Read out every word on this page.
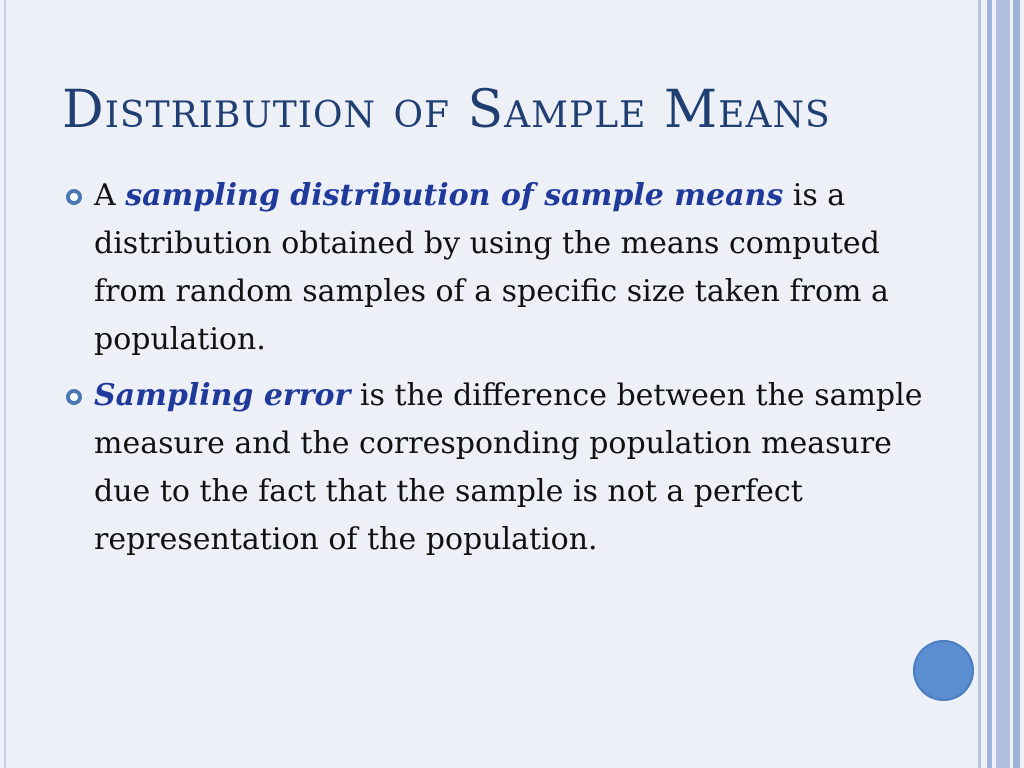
Distribution of Sample Means
A sampling distribution of sample means is a distribution obtained by using the means computed from random samples of a specific size taken from a population.
Sampling error is the difference between the sample measure and the corresponding population measure due to the fact that the sample is not a perfect representation of the population.
